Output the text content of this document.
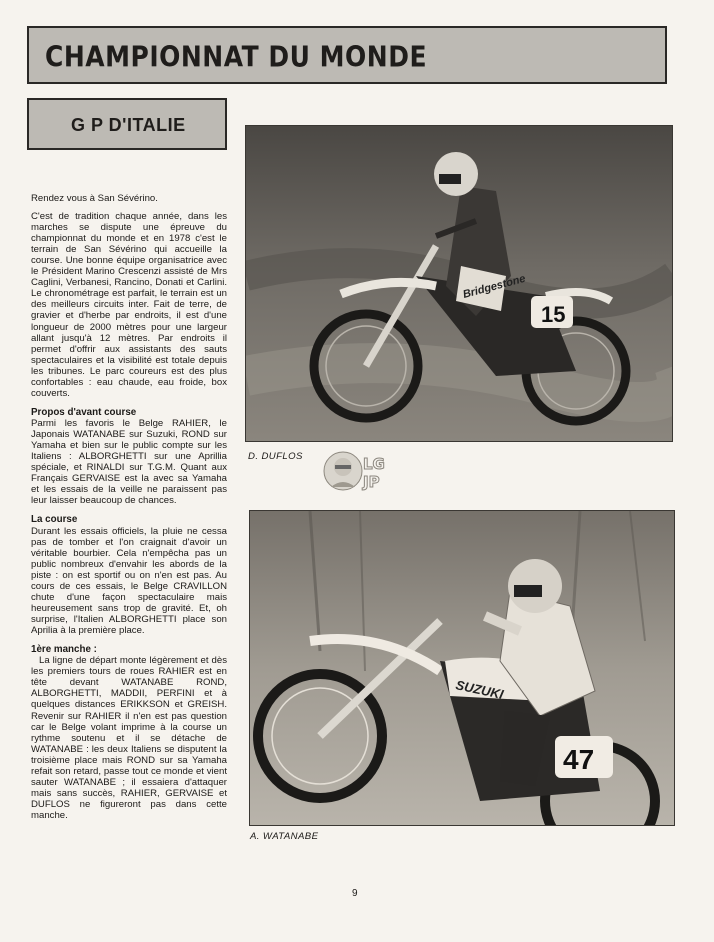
CHAMPIONNAT DU MONDE
G P D'ITALIE

Rendez vous à San Sévérino.

C'est de tradition chaque année, dans les marches se dispute une épreuve du championnat du monde et en 1978 c'est le terrain de San Sévérino qui accueille la course. Une bonne équipe organisatrice avec le Président Marino Crescenzi assisté de Mrs Caglini, Verbanesi, Rancino, Donati et Carlini. Le chronométrage est parfait, le terrain est un des meilleurs circuits inter. Fait de terre, de gravier et d'herbe par endroits, il est d'une longueur de 2000 mètres pour une largeur allant jusqu'à 12 mètres. Par endroits il permet d'offrir aux assistants des sauts spectaculaires et la visibilité est totale depuis les tribunes. Le parc coureurs est des plus confortables : eau chaude, eau froide, box couverts.

Propos d'avant course

Parmi les favoris le Belge RAHIER, le Japonais WATANABE sur Suzuki, ROND sur Yamaha et bien sur le public compte sur les Italiens : ALBORGHETTI sur une Aprillia spéciale, et RINALDI sur T.G.M. Quant aux Français GERVAISE est la avec sa Yamaha et les essais de la veille ne paraissent pas leur laisser beaucoup de chances.

La course

Durant les essais officiels, la pluie ne cessa pas de tomber et l'on craignait d'avoir un véritable bourbier. Cela n'empêcha pas un public nombreux d'envahir les abords de la piste : on est sportif ou on n'en est pas. Au cours de ces essais, le Belge CRAVILLON chute d'une façon spectaculaire mais heureusement sans trop de gravité. Et, oh surprise, l'Italien ALBORGHETTI place son Aprilia à la première place.

1ère manche :

La ligne de départ monte légèrement et dès les premiers tours de roues RAHIER est en tête devant WATANABE ROND, ALBORGHETTI, MADDII, PERFINI et à quelques distances ERIKKSON et GREISH. Revenir sur RAHIER il n'en est pas question car le Belge volant imprime à la course un rythme soutenu et il se détache de WATANABE : les deux Italiens se disputent la troisième place mais ROND sur sa Yamaha refait son retard, passe tout ce monde et vient sauter WATANABE ; il essaiera d'attaquer mais sans succès, RAHIER, GERVAISE et DUFLOS ne figureront pas dans cette manche.

15
Bridgestone
D. DUFLOS	LG
JP
SUZUKI
47
A. WATANABE
9
